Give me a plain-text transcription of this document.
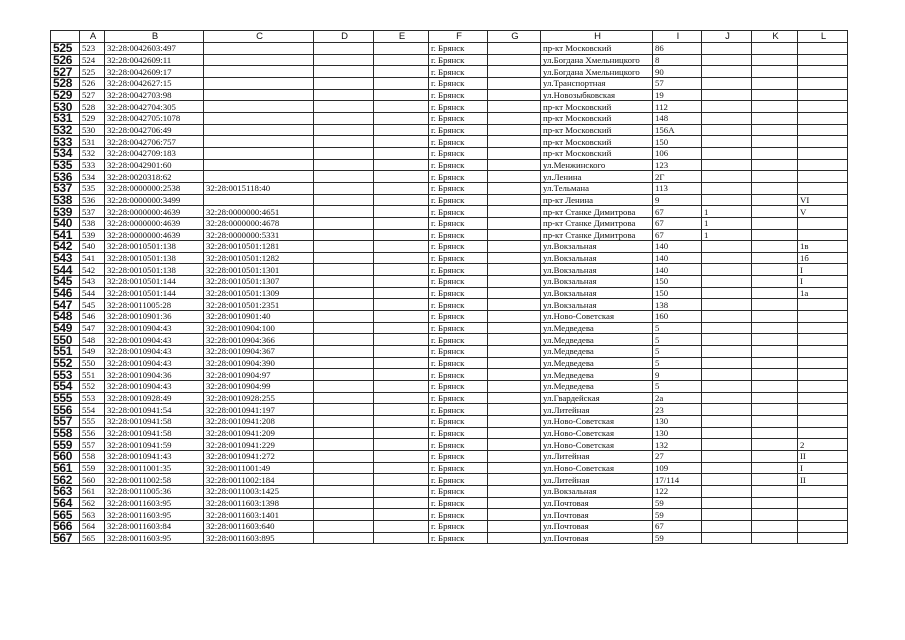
	A	B	C	D	E	F	G	H	I	J	K	L
525	523	32:28:0042603:497				г. Брянск		пр-кт Московский	86			
526	524	32:28:0042609:11				г. Брянск		ул.Богдана Хмельницкого	8			
527	525	32:28:0042609:17				г. Брянск		ул.Богдана Хмельницкого	90			
528	526	32:28:0042627:15				г. Брянск		ул.Транспортная	57			
529	527	32:28:0042703:98				г. Брянск		ул.Новозыбковская	19			
530	528	32:28:0042704:305				г. Брянск		пр-кт Московский	112			
531	529	32:28:0042705:1078				г. Брянск		пр-кт Московский	148			
532	530	32:28:0042706:49				г. Брянск		пр-кт Московский	156А			
533	531	32:28:0042706:757				г. Брянск		пр-кт Московский	150			
534	532	32:28:0042709:183				г. Брянск		пр-кт Московский	106			
535	533	32:28:0042901:60				г. Брянск		ул.Менжинского	123			
536	534	32:28:0020318:62				г. Брянск		ул.Ленина	2Г			
537	535	32:28:0000000:2538	32:28:0015118:40			г. Брянск		ул.Тельмана	113			
538	536	32:28:0000000:3499				г. Брянск		пр-кт Ленина	9			VI
539	537	32:28:0000000:4639	32:28:0000000:4651			г. Брянск		пр-кт Станке Димитрова	67	1		V
540	538	32:28:0000000:4639	32:28:0000000:4678			г. Брянск		пр-кт Станке Димитрова	67	1		
541	539	32:28:0000000:4639	32:28:0000000:5331			г. Брянск		пр-кт Станке Димитрова	67	1		
542	540	32:28:0010501:138	32:28:0010501:1281			г. Брянск		ул.Вокзальная	140			1в
543	541	32:28:0010501:138	32:28:0010501:1282			г. Брянск		ул.Вокзальная	140			1б
544	542	32:28:0010501:138	32:28:0010501:1301			г. Брянск		ул.Вокзальная	140			I
545	543	32:28:0010501:144	32:28:0010501:1307			г. Брянск		ул.Вокзальная	150			I
546	544	32:28:0010501:144	32:28:0010501:1309			г. Брянск		ул.Вокзальная	150			1а
547	545	32:28:0011005:28	32:28:0010501:2351			г. Брянск		ул.Вокзальная	138			
548	546	32:28:0010901:36	32:28:0010901:40			г. Брянск		ул.Ново-Советская	160			
549	547	32:28:0010904:43	32:28:0010904:100			г. Брянск		ул.Медведева	5			
550	548	32:28:0010904:43	32:28:0010904:366			г. Брянск		ул.Медведева	5			
551	549	32:28:0010904:43	32:28:0010904:367			г. Брянск		ул.Медведева	5			
552	550	32:28:0010904:43	32:28:0010904:390			г. Брянск		ул.Медведева	5			
553	551	32:28:0010904:36	32:28:0010904:97			г. Брянск		ул.Медведева	9			
554	552	32:28:0010904:43	32:28:0010904:99			г. Брянск		ул.Медведева	5			
555	553	32:28:0010928:49	32:28:0010928:255			г. Брянск		ул.Гвардейская	2а			
556	554	32:28:0010941:54	32:28:0010941:197			г. Брянск		ул.Литейная	23			
557	555	32:28:0010941:58	32:28:0010941:208			г. Брянск		ул.Ново-Советская	130			
558	556	32:28:0010941:58	32:28:0010941:209			г. Брянск		ул.Ново-Советская	130			
559	557	32:28:0010941:59	32:28:0010941:229			г. Брянск		ул.Ново-Советская	132			2
560	558	32:28:0010941:43	32:28:0010941:272			г. Брянск		ул.Литейная	27			II
561	559	32:28:0011001:35	32:28:0011001:49			г. Брянск		ул.Ново-Советская	109			I
562	560	32:28:0011002:58	32:28:0011002:184			г. Брянск		ул.Литейная	17/114			II
563	561	32:28:0011005:36	32:28:0011003:1425			г. Брянск		ул.Вокзальная	122			
564	562	32:28:0011603:95	32:28:0011603:1398			г. Брянск		ул.Почтовая	59			
565	563	32:28:0011603:95	32:28:0011603:1401			г. Брянск		ул.Почтовая	59			
566	564	32:28:0011603:84	32:28:0011603:640			г. Брянск		ул.Почтовая	67			
567	565	32:28:0011603:95	32:28:0011603:895			г. Брянск		ул.Почтовая	59			
